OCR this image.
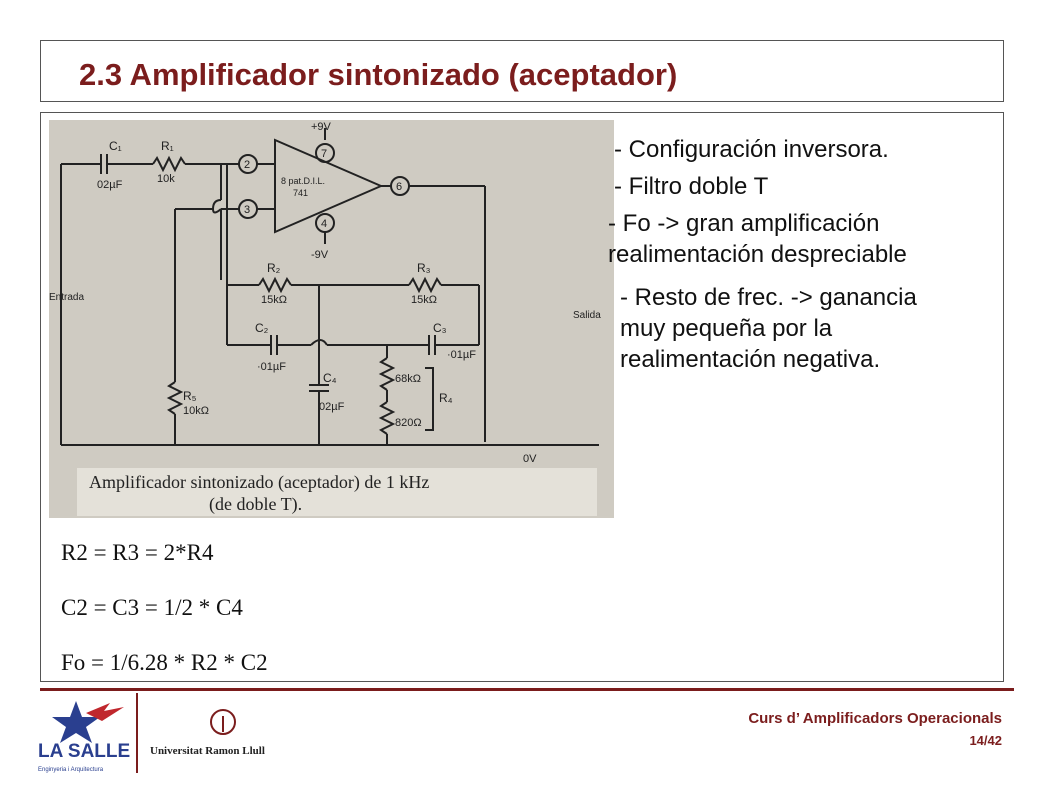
2.3 Amplificador sintonizado (aceptador)
C₁
02µF
R₁
10k
2
3
7
4
6
+9V
-9V
8 pat.D.I.L.
741
R₂
15kΩ
R₃
15kΩ
C₂
·01µF
C₃
·01µF
C₄
02µF
R₅
10kΩ
68kΩ
820Ω
R₄
Entrada
Salida
0V
Amplificador sintonizado (aceptador) de 1 kHz
(de doble T).

- Configuración inversora.

- Filtro doble T

- Fo -> gran amplificación realimentación despreciable

- Resto de frec. -> ganancia muy pequeña por la realimentación negativa.

R2 = R3 = 2*R4
C2 = C3 = 1/2 * C4
Fo = 1/6.28 * R2 * C2
LA SALLE
Enginyeria i Arquitectura
Universitat Ramon Llull
Curs d’ Amplificadors Operacionals
14/42
